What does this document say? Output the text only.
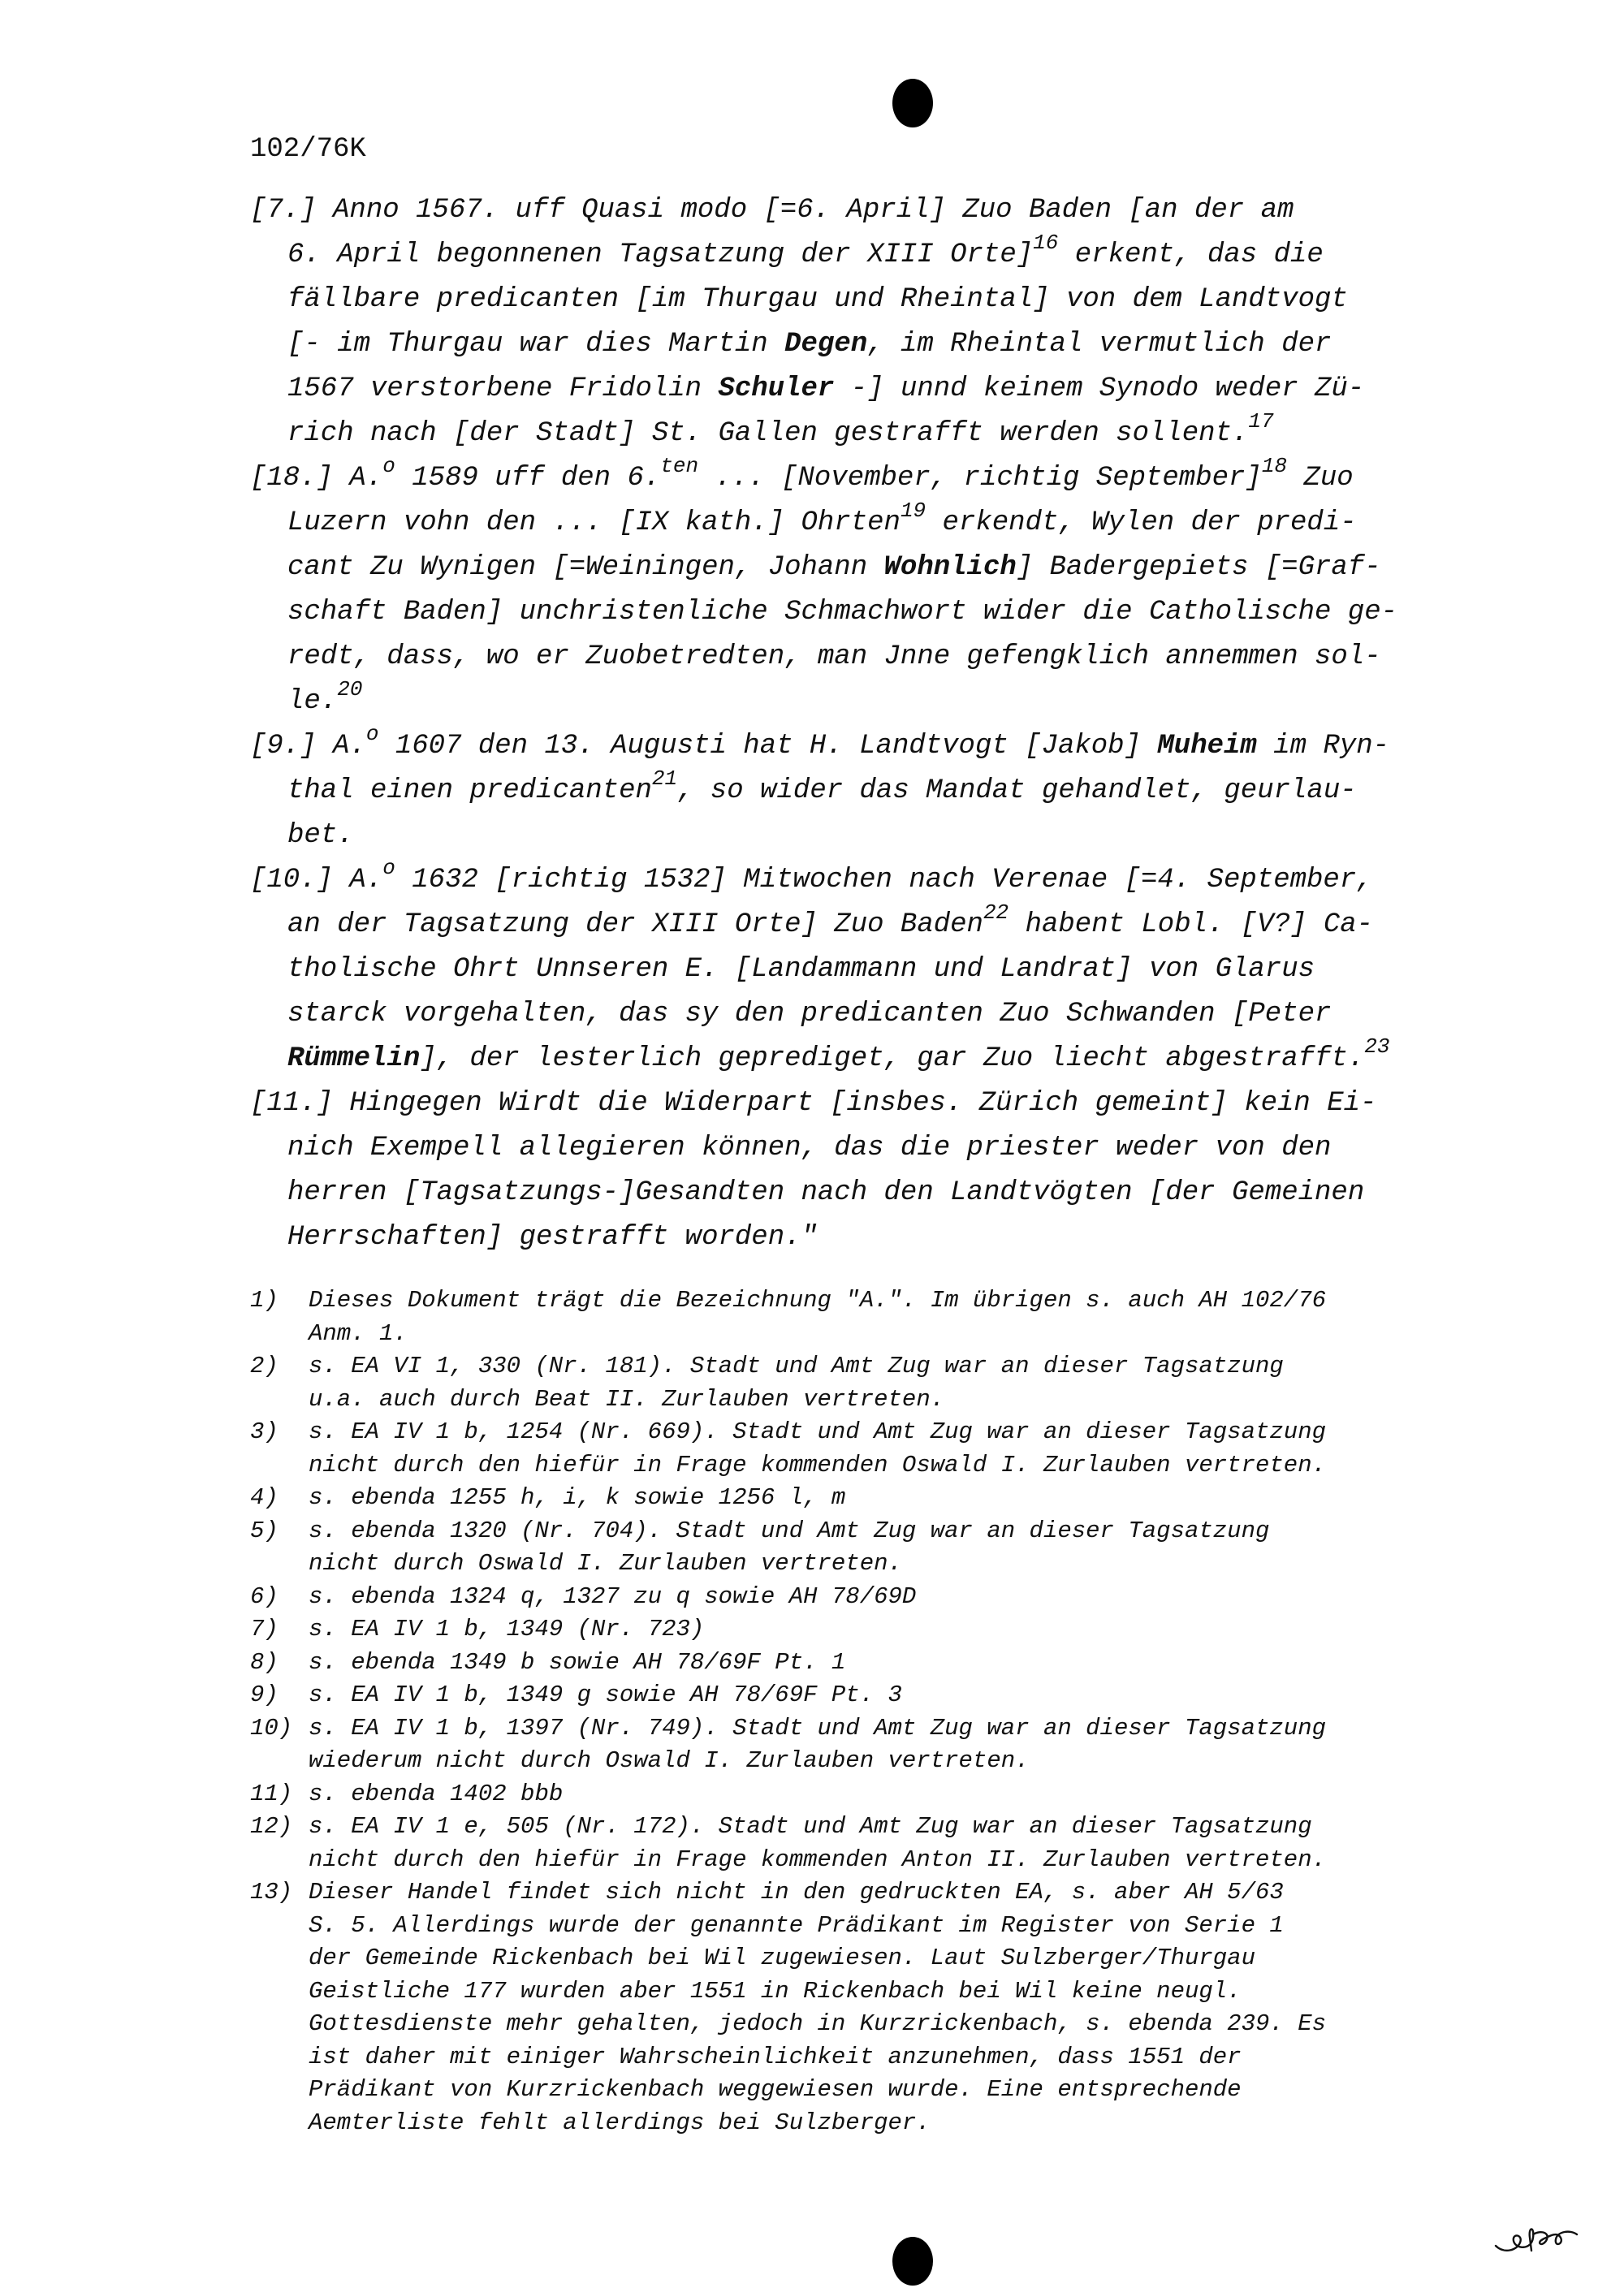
102/76K
[7.] Anno 1567. uff Quasi modo [=6. April] Zuo Baden [an der am
6. April begonnenen Tagsatzung der XIII Orte]$^{16}$ erkent, das die
fällbare predicanten [im Thurgau und Rheintal] von dem Landtvogt
[- im Thurgau war dies Martin Degen, im Rheintal vermutlich der
1567 verstorbene Fridolin Schuler -] unnd keinem Synodo weder Zü-
rich nach [der Stadt] St. Gallen gestrafft werden sollent.$^{17}$
[18.] A.$^o$ 1589 uff den 6.$^{ten}$ ... [November, richtig September]$^{18}$ Zuo
Luzern vohn den ... [IX kath.] Ohrten$^{19}$ erkendt, Wylen der predi-
cant Zu Wynigen [=Weiningen, Johann Wohnlich] Badergepiets [=Graf-
schaft Baden] unchristenliche Schmachwort wider die Catholische ge-
redt, dass, wo er Zuobetredten, man Jnne gefengklich annemmen sol-
le.$^{20}$
[9.] A.$^o$ 1607 den 13. Augusti hat H. Landtvogt [Jakob] Muheim im Ryn-
thal einen predicanten$^{21}$, so wider das Mandat gehandlet, geurlau-
bet.
[10.] A.$^o$ 1632 [richtig 1532] Mitwochen nach Verenae [=4. September,
an der Tagsatzung der XIII Orte] Zuo Baden$^{22}$ habent Lobl. [V?] Ca-
tholische Ohrt Unnseren E. [Landammann und Landrat] von Glarus
starck vorgehalten, das sy den predicanten Zuo Schwanden [Peter
Rümmelin], der lesterlich geprediget, gar Zuo liecht abgestrafft.$^{23}$
[11.] Hingegen Wirdt die Widerpart [insbes. Zürich gemeint] kein Ei-
nich Exempell allegieren können, das die priester weder von den
herren [Tagsatzungs-]Gesandten nach den Landtvögten [der Gemeinen
Herrschaften] gestrafft worden."
1)	Dieses Dokument trägt die Bezeichnung "A.". Im übrigen s. auch AH 102/76
Anm. 1.
2)	s. EA VI 1, 330 (Nr. 181). Stadt und Amt Zug war an dieser Tagsatzung
u.a. auch durch Beat II. Zurlauben vertreten.
3)	s. EA IV 1 b, 1254 (Nr. 669). Stadt und Amt Zug war an dieser Tagsatzung
nicht durch den hiefür in Frage kommenden Oswald I. Zurlauben vertreten.
4)	s. ebenda 1255 h, i, k sowie 1256 l, m
5)	s. ebenda 1320 (Nr. 704). Stadt und Amt Zug war an dieser Tagsatzung
nicht durch Oswald I. Zurlauben vertreten.
6)	s. ebenda 1324 q, 1327 zu q sowie AH 78/69D
7)	s. EA IV 1 b, 1349 (Nr. 723)
8)	s. ebenda 1349 b sowie AH 78/69F Pt. 1
9)	s. EA IV 1 b, 1349 g sowie AH 78/69F Pt. 3
10) s. EA IV 1 b, 1397 (Nr. 749). Stadt und Amt Zug war an dieser Tagsatzung
wiederum nicht durch Oswald I. Zurlauben vertreten.
11) s. ebenda 1402 bbb
12) s. EA IV 1 e, 505 (Nr. 172). Stadt und Amt Zug war an dieser Tagsatzung
nicht durch den hiefür in Frage kommenden Anton II. Zurlauben vertreten.
13) Dieser Handel findet sich nicht in den gedruckten EA, s. aber AH 5/63
S. 5. Allerdings wurde der genannte Prädikant im Register von Serie 1
der Gemeinde Rickenbach bei Wil zugewiesen. Laut Sulzberger/Thurgau
Geistliche 177 wurden aber 1551 in Rickenbach bei Wil keine neugl.
Gottesdienste mehr gehalten, jedoch in Kurzrickenbach, s. ebenda 239. Es
ist daher mit einiger Wahrscheinlichkeit anzunehmen, dass 1551 der
Prädikant von Kurzrickenbach weggewiesen wurde. Eine entsprechende
Aemterliste fehlt allerdings bei Sulzberger.
